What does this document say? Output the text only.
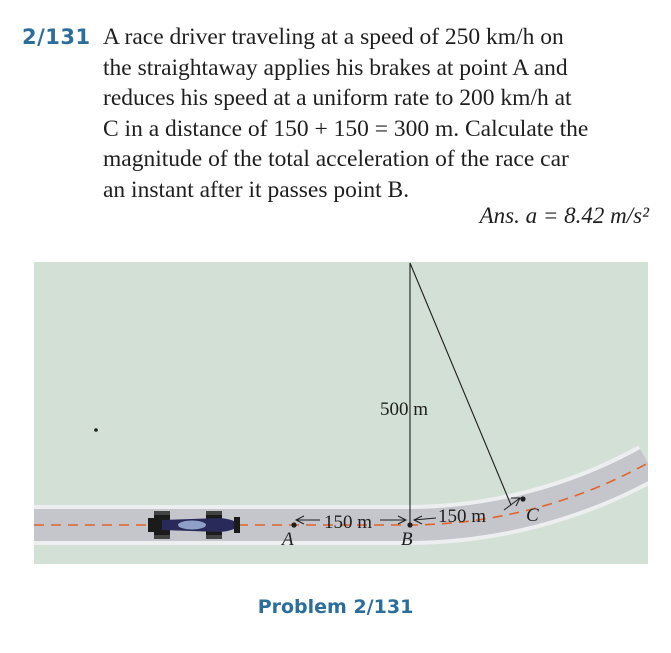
2/131 A race driver traveling at a speed of 250 km/h on
the straightaway applies his brakes at point A and
reduces his speed at a uniform rate to 200 km/h at
C in a distance of 150 + 150 = 300 m. Calculate the
magnitude of the total acceleration of the race car
an instant after it passes point B.
Ans. a = 8.42 m/s²
500 m
150 m	150 m
A	B
C
Problem 2/131
